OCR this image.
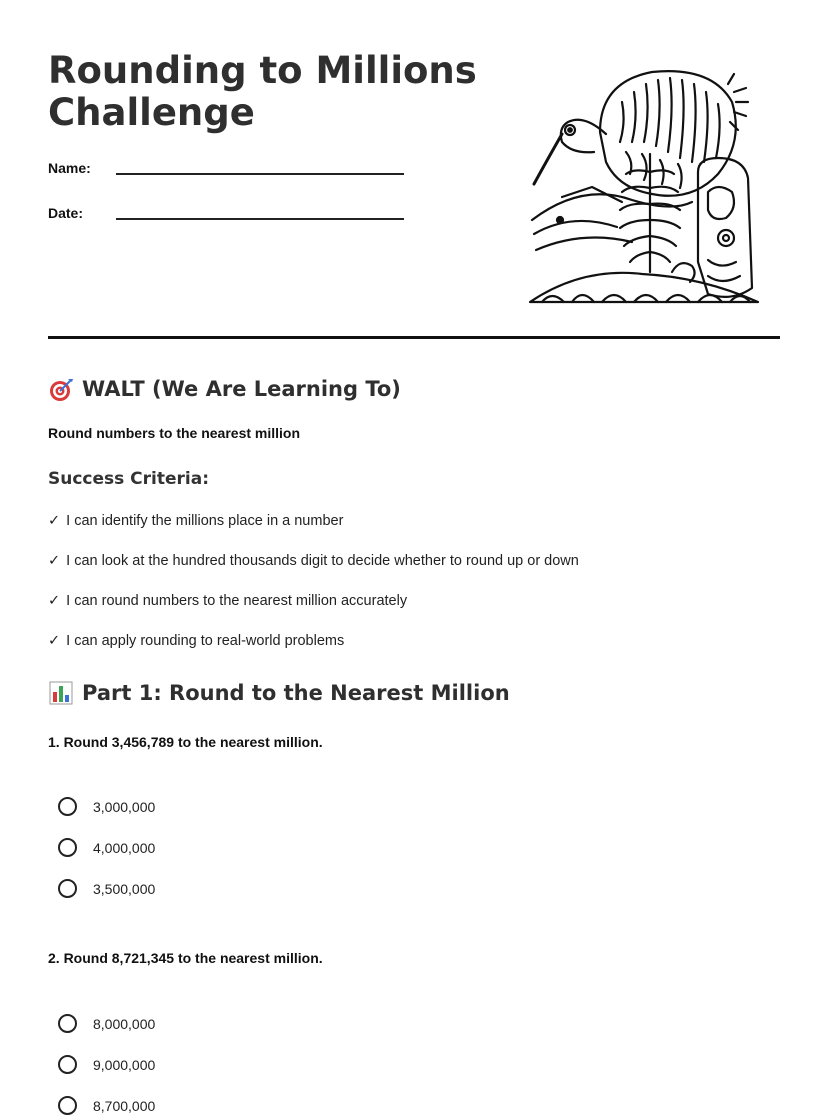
Rounding to Millions
Challenge
Name:
Date:
WALT (We Are Learning To)
Round numbers to the nearest million
Success Criteria:
✓ I can identify the millions place in a number
✓ I can look at the hundred thousands digit to decide whether to round up or down
✓ I can round numbers to the nearest million accurately
✓ I can apply rounding to real-world problems
Part 1: Round to the Nearest Million
1. Round 3,456,789 to the nearest million.
3,000,000
4,000,000
3,500,000
2. Round 8,721,345 to the nearest million.
8,000,000
9,000,000
8,700,000
